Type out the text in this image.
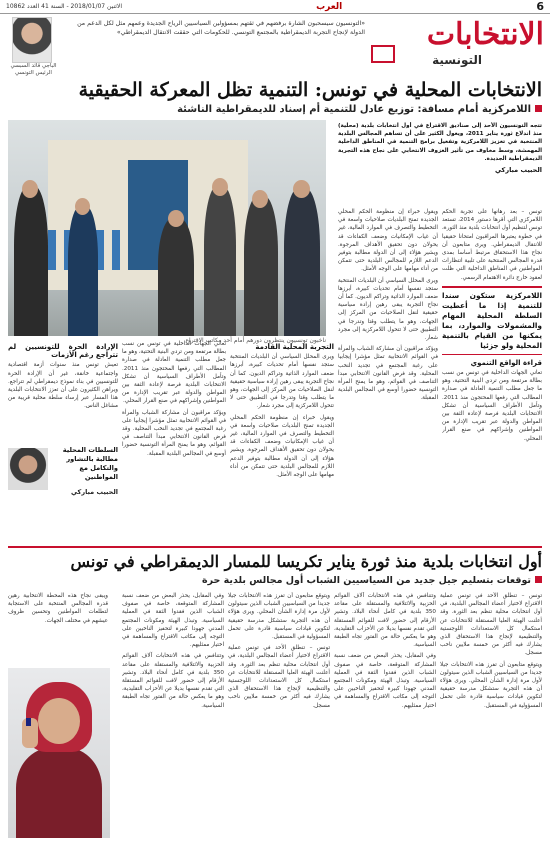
6
العرب
الاثنين 2018/01/07 - السنة 41 العدد 10862
الانتخابات
التونسية
«التونسيون سيسحبون الشارة برفضهم في ثقتهم بمسؤولين السياسيين الرياح الجديدة وعمهم مثل لكل الدعم من الدولة لإنجاح التجربة الديمقراطية بالمجتمع التونسي. للحكومات التي حققت الانتقال الديمقراطي»
الباجي قائد السبسي
الرئيس التونسي
الانتخابات المحلية في تونس: التنمية تظل المعركة الحقيقية
اللامركزية أمام مسافة: توزيع عادل للتنمية أم إسناد للديمقراطية الناشئة
ناخبون تونسيون ينتظرون دورهم أمام أحد مكاتب الاقتراع

تتجه التونسيون الأحد إلى صناديق الاقتراع في أول انتخابات بلدية (محلية) منذ اندلاع ثورة يناير 2011، ويعول الكثير على أن تساهم المجالس البلدية المنتخبة في تعزيز اللامركزية وتفعيل برامج التنمية في المناطق الداخلية المهمشة، وسط مخاوف من تأثير العزوف الانتخابي على نجاح هذه التجربة الديمقراطية الجديدة.

الحبيب مباركي

تونس – بعد رهانها على تجربة الحكم اللامركزي التي أقرها دستور 2014، تستعد تونس لتنظيم أول انتخابات بلدية منذ الثورة، في خطوة يعتبرها المراقبون امتحانا حقيقيا للانتقال الديمقراطي. ويرى متابعون أن نجاح هذا الاستحقاق مرتبط أساسا بمدى قدرة المجالس المنتخبة على تلبية انتظارات المواطنين في المناطق الداخلية التي ظلت لعقود خارج دائرة الاهتمام الرسمي.

اللامركزية ستكون سندا للتنمية إذا ما أعطيت السلطة المحلية المهام والمشمولات والموارد، بما يمكنها من القيام بالتنمية المحلية ولو جزئيا
قراءة الواقع التنموي

تعاني الجهات الداخلية في تونس من نسب بطالة مرتفعة ومن تردي البنية التحتية، وهو ما جعل مطلب التنمية العادلة في صدارة المطالب التي رفعها المحتجون منذ 2011. وتأمل الأطراف السياسية أن تشكل الانتخابات البلدية فرصة لإعادة الثقة بين المواطن والدولة عبر تقريب الإدارة من المواطنين وإشراكهم في صنع القرار المحلي.

ويقول خبراء إن منظومة الحكم المحلي الجديدة تمنح البلديات صلاحيات واسعة في التخطيط والتصرف في الموارد المالية، غير أن غياب الإمكانيات وضعف الكفاءات قد يحولان دون تحقيق الأهداف المرجوة. ويشير هؤلاء إلى أن الدولة مطالبة بتوفير الدعم اللازم للمجالس البلدية حتى تتمكن من أداء مهامها على الوجه الأمثل.

ويرى المحلل السياسي أن البلديات المنتخبة ستجد نفسها أمام تحديات كبيرة، أبرزها ضعف الموارد الذاتية وتراكم الديون. كما أن نجاح التجربة يبقى رهين إرادة سياسية حقيقية لنقل الصلاحيات من المركز إلى الجهات، وهو ما يتطلب وقتا وتدرجا في التطبيق حتى لا تتحول اللامركزية إلى مجرد شعار.

ويؤكد مراقبون أن مشاركة الشباب والمرأة في القوائم الانتخابية تمثل مؤشرا إيجابيا على رغبة المجتمع في تجديد النخب المحلية. وقد فرض القانون الانتخابي مبدأ التناصف في القوائم، وهو ما يمنح المرأة التونسية حضورا أوسع في المجالس البلدية المقبلة.

التجربة المحلية القادمة

ويرى المحلل السياسي أن البلديات المنتخبة ستجد نفسها أمام تحديات كبيرة، أبرزها ضعف الموارد الذاتية وتراكم الديون. كما أن نجاح التجربة يبقى رهين إرادة سياسية حقيقية لنقل الصلاحيات من المركز إلى الجهات، وهو ما يتطلب وقتا وتدرجا في التطبيق حتى لا تتحول اللامركزية إلى مجرد شعار.

ويقول خبراء إن منظومة الحكم المحلي الجديدة تمنح البلديات صلاحيات واسعة في التخطيط والتصرف في الموارد المالية، غير أن غياب الإمكانيات وضعف الكفاءات قد يحولان دون تحقيق الأهداف المرجوة. ويشير هؤلاء إلى أن الدولة مطالبة بتوفير الدعم اللازم للمجالس البلدية حتى تتمكن من أداء مهامها على الوجه الأمثل.

تعاني الجهات الداخلية في تونس من نسب بطالة مرتفعة ومن تردي البنية التحتية، وهو ما جعل مطلب التنمية العادلة في صدارة المطالب التي رفعها المحتجون منذ 2011. وتأمل الأطراف السياسية أن تشكل الانتخابات البلدية فرصة لإعادة الثقة بين المواطن والدولة عبر تقريب الإدارة من المواطنين وإشراكهم في صنع القرار المحلي.

ويؤكد مراقبون أن مشاركة الشباب والمرأة في القوائم الانتخابية تمثل مؤشرا إيجابيا على رغبة المجتمع في تجديد النخب المحلية. وقد فرض القانون الانتخابي مبدأ التناصف في القوائم، وهو ما يمنح المرأة التونسية حضورا أوسع في المجالس البلدية المقبلة.

الإرادة الحرة للتونسيين لم تتراجع رغم الأزمات

تعيش تونس منذ سنوات أزمة اقتصادية واجتماعية خانقة، غير أن الإرادة الحرة للتونسيين في بناء نموذج ديمقراطي لم تتراجع. ويراهن الكثيرون على أن تعزز الانتخابات البلدية هذا المسار عبر إرساء سلطة محلية قريبة من مشاغل الناس.

السلطات المحلية مطالبة بالتشاور والتكامل مع المواطنين
الحبيب مباركي
أول انتخابات بلدية منذ ثورة يناير تكريسا للمسار الديمقراطي في تونس
توقعات بتسليم جيل جديد من السياسيين الشباب أول مجالس بلدية حرة

تونس – تنطلق الأحد في تونس عملية الاقتراع لاختيار أعضاء المجالس البلدية، في أول انتخابات محلية تنظم بعد الثورة. وقد أعلنت الهيئة العليا المستقلة للانتخابات عن استكمال كل الاستعدادات اللوجستية والتنظيمية لإنجاح هذا الاستحقاق الذي يشارك فيه أكثر من خمسة ملايين ناخب مسجل.

ويتوقع متابعون أن تفرز هذه الانتخابات جيلا جديدا من السياسيين الشباب الذين سيتولون لأول مرة إدارة الشأن المحلي. ويرى هؤلاء أن هذه التجربة ستشكل مدرسة حقيقية لتكوين قيادات سياسية قادرة على تحمل المسؤولية في المستقبل.

وتتنافس في هذه الانتخابات آلاف القوائم الحزبية والائتلافية والمستقلة على مقاعد 350 بلدية في كامل أنحاء البلاد. وتشير الأرقام إلى حضور لافت للقوائم المستقلة التي تقدم نفسها بديلا عن الأحزاب التقليدية، وهو ما يعكس حالة من الفتور تجاه الطبقة السياسية.

وفي المقابل، يحذر البعض من ضعف نسبة المشاركة المتوقعة، خاصة في صفوف الشباب الذين فقدوا الثقة في العملية السياسية. وتبذل الهيئة ومكونات المجتمع المدني جهودا كبيرة لتحفيز الناخبين على التوجه إلى مكاتب الاقتراع والمساهمة في اختيار ممثليهم.

ويتوقع متابعون أن تفرز هذه الانتخابات جيلا جديدا من السياسيين الشباب الذين سيتولون لأول مرة إدارة الشأن المحلي. ويرى هؤلاء أن هذه التجربة ستشكل مدرسة حقيقية لتكوين قيادات سياسية قادرة على تحمل المسؤولية في المستقبل.

تونس – تنطلق الأحد في تونس عملية الاقتراع لاختيار أعضاء المجالس البلدية، في أول انتخابات محلية تنظم بعد الثورة. وقد أعلنت الهيئة العليا المستقلة للانتخابات عن استكمال كل الاستعدادات اللوجستية والتنظيمية لإنجاح هذا الاستحقاق الذي يشارك فيه أكثر من خمسة ملايين ناخب مسجل.

وفي المقابل، يحذر البعض من ضعف نسبة المشاركة المتوقعة، خاصة في صفوف الشباب الذين فقدوا الثقة في العملية السياسية. وتبذل الهيئة ومكونات المجتمع المدني جهودا كبيرة لتحفيز الناخبين على التوجه إلى مكاتب الاقتراع والمساهمة في اختيار ممثليهم.

وتتنافس في هذه الانتخابات آلاف القوائم الحزبية والائتلافية والمستقلة على مقاعد 350 بلدية في كامل أنحاء البلاد. وتشير الأرقام إلى حضور لافت للقوائم المستقلة التي تقدم نفسها بديلا عن الأحزاب التقليدية، وهو ما يعكس حالة من الفتور تجاه الطبقة السياسية.

ويبقى نجاح هذه المحطة الانتخابية رهين قدرة المجالس المنتخبة على الاستجابة لتطلعات المواطنين وتحسين ظروف عيشهم في مختلف الجهات.
